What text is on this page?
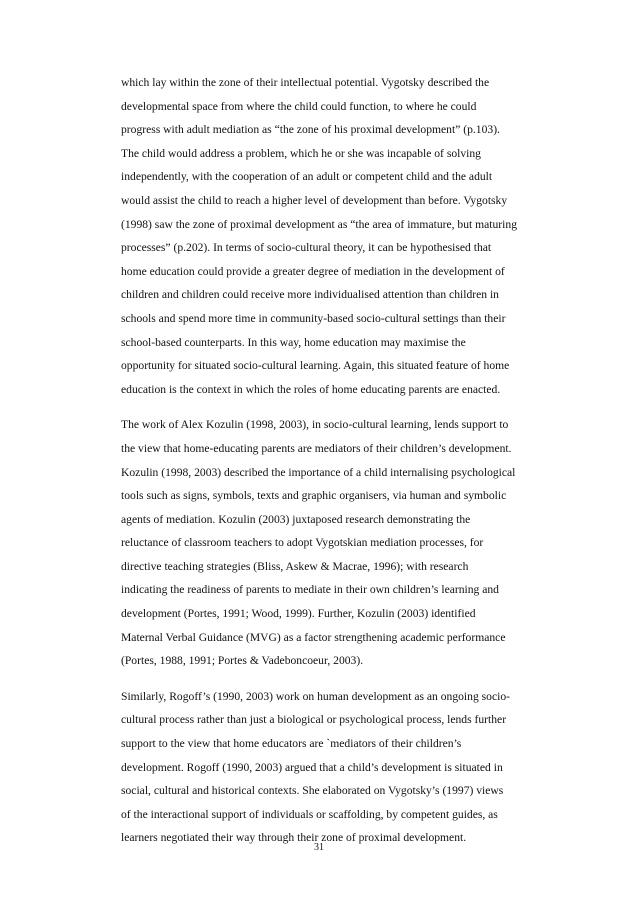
which lay within the zone of their intellectual potential. Vygotsky described the
developmental space from where the child could function, to where he could
progress with adult mediation as “the zone of his proximal development” (p.103).
The child would address a problem, which he or she was incapable of solving
independently, with the cooperation of an adult or competent child and the adult
would assist the child to reach a higher level of development than before. Vygotsky
(1998) saw the zone of proximal development as “the area of immature, but maturing
processes” (p.202). In terms of socio-cultural theory, it can be hypothesised that
home education could provide a greater degree of mediation in the development of
children and children could receive more individualised attention than children in
schools and spend more time in community-based socio-cultural settings than their
school-based counterparts. In this way, home education may maximise the
opportunity for situated socio-cultural learning. Again, this situated feature of home
education is the context in which the roles of home educating parents are enacted.
The work of Alex Kozulin (1998, 2003), in socio-cultural learning, lends support to
the view that home-educating parents are mediators of their children’s development.
Kozulin (1998, 2003) described the importance of a child internalising psychological
tools such as signs, symbols, texts and graphic organisers, via human and symbolic
agents of mediation. Kozulin (2003) juxtaposed research demonstrating the
reluctance of classroom teachers to adopt Vygotskian mediation processes, for
directive teaching strategies (Bliss, Askew & Macrae, 1996); with research
indicating the readiness of parents to mediate in their own children’s learning and
development (Portes, 1991; Wood, 1999). Further, Kozulin (2003) identified
Maternal Verbal Guidance (MVG) as a factor strengthening academic performance
(Portes, 1988, 1991; Portes & Vadeboncoeur, 2003).
Similarly, Rogoff’s (1990, 2003) work on human development as an ongoing socio-
cultural process rather than just a biological or psychological process, lends further
support to the view that home educators are `mediators of their children’s
development. Rogoff (1990, 2003) argued that a child’s development is situated in
social, cultural and historical contexts. She elaborated on Vygotsky’s (1997) views
of the interactional support of individuals or scaffolding, by competent guides, as
learners negotiated their way through their zone of proximal development.
31
